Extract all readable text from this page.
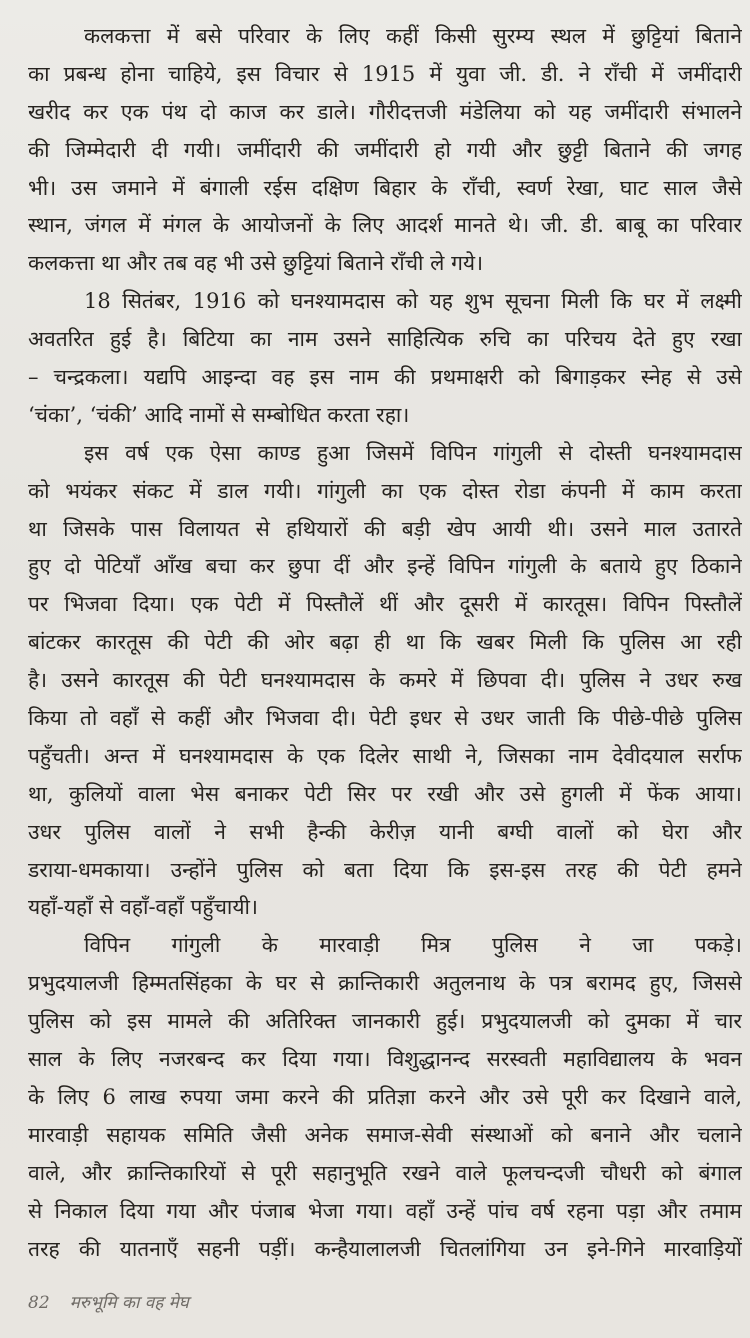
कलकत्ता में बसे परिवार के लिए कहीं किसी सुरम्य स्थल में छुट्टियां बिताने
का प्रबन्ध होना चाहिये, इस विचार से 1915 में युवा जी. डी. ने राँची में जमींदारी
खरीद कर एक पंथ दो काज कर डाले। गौरीदत्तजी मंडेलिया को यह जमींदारी संभालने
की जिम्मेदारी दी गयी। जमींदारी की जमींदारी हो गयी और छुट्टी बिताने की जगह
भी। उस जमाने में बंगाली रईस दक्षिण बिहार के राँची, स्वर्ण रेखा, घाट साल जैसे
स्थान, जंगल में मंगल के आयोजनों के लिए आदर्श मानते थे। जी. डी. बाबू का परिवार
कलकत्ता था और तब वह भी उसे छुट्टियां बिताने राँची ले गये।
18 सितंबर, 1916 को घनश्यामदास को यह शुभ सूचना मिली कि घर में लक्ष्मी
अवतरित हुई है। बिटिया का नाम उसने साहित्यिक रुचि का परिचय देते हुए रखा
– चन्द्रकला। यद्यपि आइन्दा वह इस नाम की प्रथमाक्षरी को बिगाड़कर स्नेह से उसे
‘चंका’, ‘चंकी’ आदि नामों से सम्बोधित करता रहा।
इस वर्ष एक ऐसा काण्ड हुआ जिसमें विपिन गांगुली से दोस्ती घनश्यामदास
को भयंकर संकट में डाल गयी। गांगुली का एक दोस्त रोडा कंपनी में काम करता
था जिसके पास विलायत से हथियारों की बड़ी खेप आयी थी। उसने माल उतारते
हुए दो पेटियाँ आँख बचा कर छुपा दीं और इन्हें विपिन गांगुली के बताये हुए ठिकाने
पर भिजवा दिया। एक पेटी में पिस्तौलें थीं और दूसरी में कारतूस। विपिन पिस्तौलें
बांटकर कारतूस की पेटी की ओर बढ़ा ही था कि खबर मिली कि पुलिस आ रही
है। उसने कारतूस की पेटी घनश्यामदास के कमरे में छिपवा दी। पुलिस ने उधर रुख
किया तो वहाँ से कहीं और भिजवा दी। पेटी इधर से उधर जाती कि पीछे-पीछे पुलिस
पहुँचती। अन्त में घनश्यामदास के एक दिलेर साथी ने, जिसका नाम देवीदयाल सर्राफ
था, कुलियों वाला भेस बनाकर पेटी सिर पर रखी और उसे हुगली में फेंक आया।
उधर पुलिस वालों ने सभी हैन्की केरीज़ यानी बग्घी वालों को घेरा और
डराया-धमकाया। उन्होंने पुलिस को बता दिया कि इस-इस तरह की पेटी हमने
यहाँ-यहाँ से वहाँ-वहाँ पहुँचायी।
विपिन गांगुली के मारवाड़ी मित्र पुलिस ने जा पकड़े।
प्रभुदयालजी हिम्मतसिंहका के घर से क्रान्तिकारी अतुलनाथ के पत्र बरामद हुए, जिससे
पुलिस को इस मामले की अतिरिक्त जानकारी हुई। प्रभुदयालजी को दुमका में चार
साल के लिए नजरबन्द कर दिया गया। विशुद्धानन्द सरस्वती महाविद्यालय के भवन
के लिए 6 लाख रुपया जमा करने की प्रतिज्ञा करने और उसे पूरी कर दिखाने वाले,
मारवाड़ी सहायक समिति जैसी अनेक समाज-सेवी संस्थाओं को बनाने और चलाने
वाले, और क्रान्तिकारियों से पूरी सहानुभूति रखने वाले फूलचन्दजी चौधरी को बंगाल
से निकाल दिया गया और पंजाब भेजा गया। वहाँ उन्हें पांच वर्ष रहना पड़ा और तमाम
तरह की यातनाएँ सहनी पड़ीं। कन्हैयालालजी चितलांगिया उन इने-गिने मारवाड़ियों
82 मरुभूमि का वह मेघ
